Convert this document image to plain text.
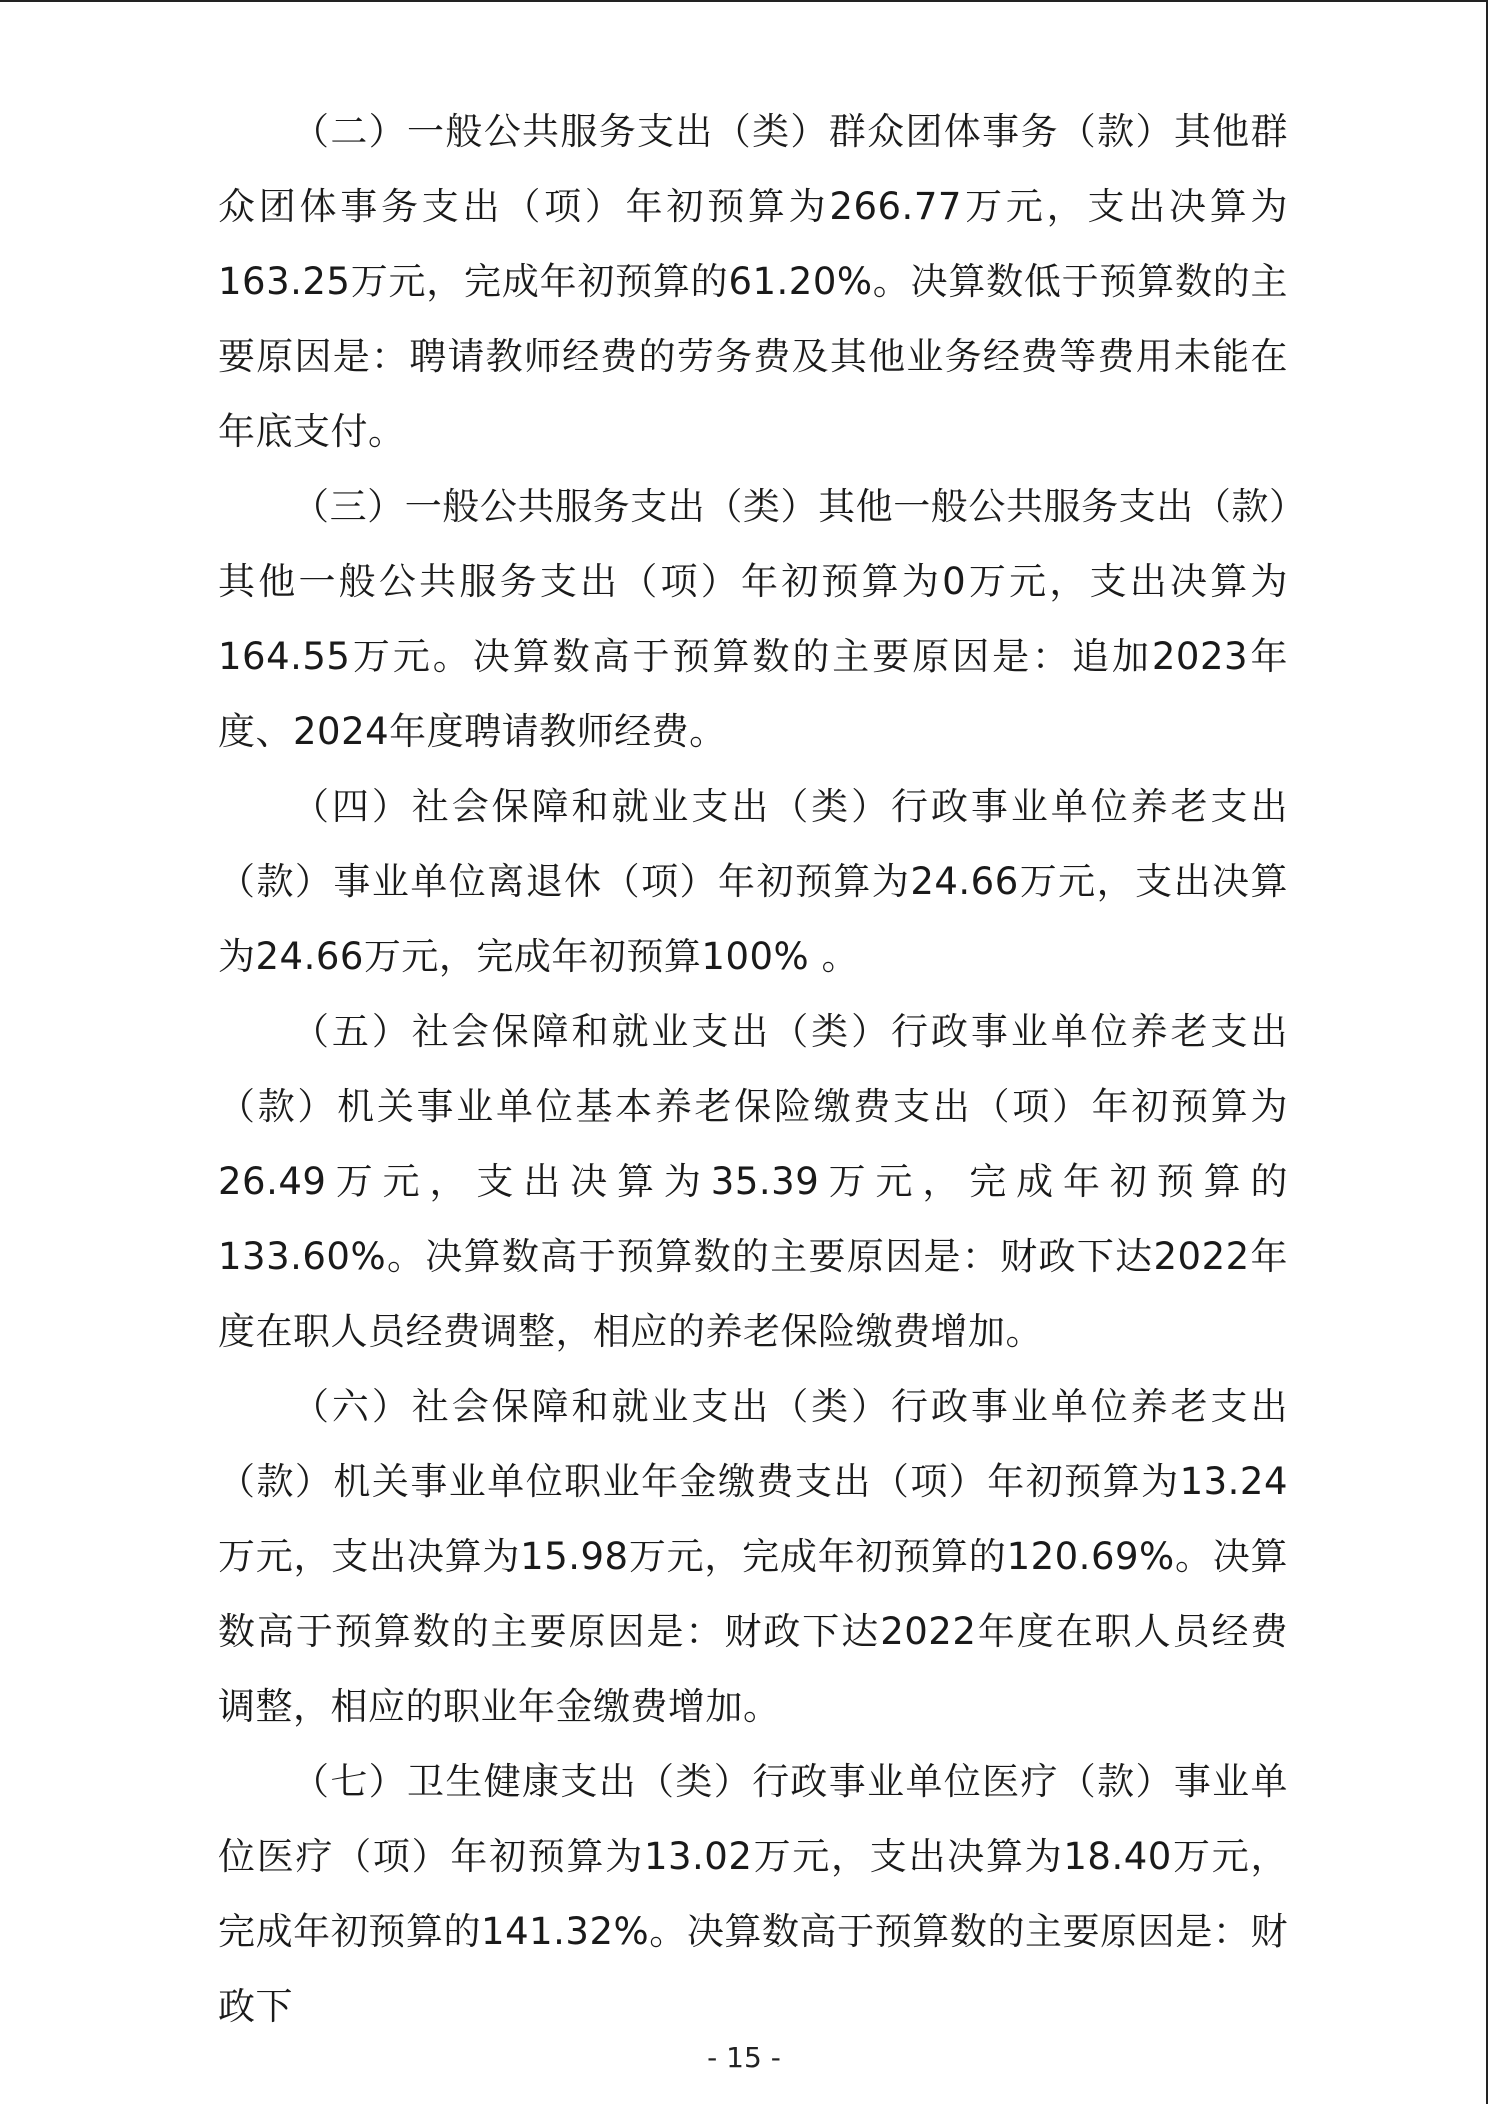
（二）一般公共服务支出（类）群众团体事务（款）其他群众团体事务支出（项）年初预算为266.77万元，支出决算为163.25万元，完成年初预算的61.20%。决算数低于预算数的主要原因是：聘请教师经费的劳务费及其他业务经费等费用未能在年底支付。

（三）一般公共服务支出（类）其他一般公共服务支出（款）其他一般公共服务支出（项）年初预算为0万元，支出决算为164.55万元。决算数高于预算数的主要原因是：追加2023年度、2024年度聘请教师经费。

（四）社会保障和就业支出（类）行政事业单位养老支出（款）事业单位离退休（项）年初预算为24.66万元，支出决算为24.66万元，完成年初预算100% 。

（五）社会保障和就业支出（类）行政事业单位养老支出（款）机关事业单位基本养老保险缴费支出（项）年初预算为26.49万元，支出决算为35.39万元，完成年初预算的133.60%。决算数高于预算数的主要原因是：财政下达2022年度在职人员经费调整，相应的养老保险缴费增加。

（六）社会保障和就业支出（类）行政事业单位养老支出（款）机关事业单位职业年金缴费支出（项）年初预算为13.24万元，支出决算为15.98万元，完成年初预算的120.69%。决算数高于预算数的主要原因是：财政下达2022年度在职人员经费调整，相应的职业年金缴费增加。

（七）卫生健康支出（类）行政事业单位医疗（款）事业单位医疗（项）年初预算为13.02万元，支出决算为18.40万元，完成年初预算的141.32%。决算数高于预算数的主要原因是：财政下

- 15 -
